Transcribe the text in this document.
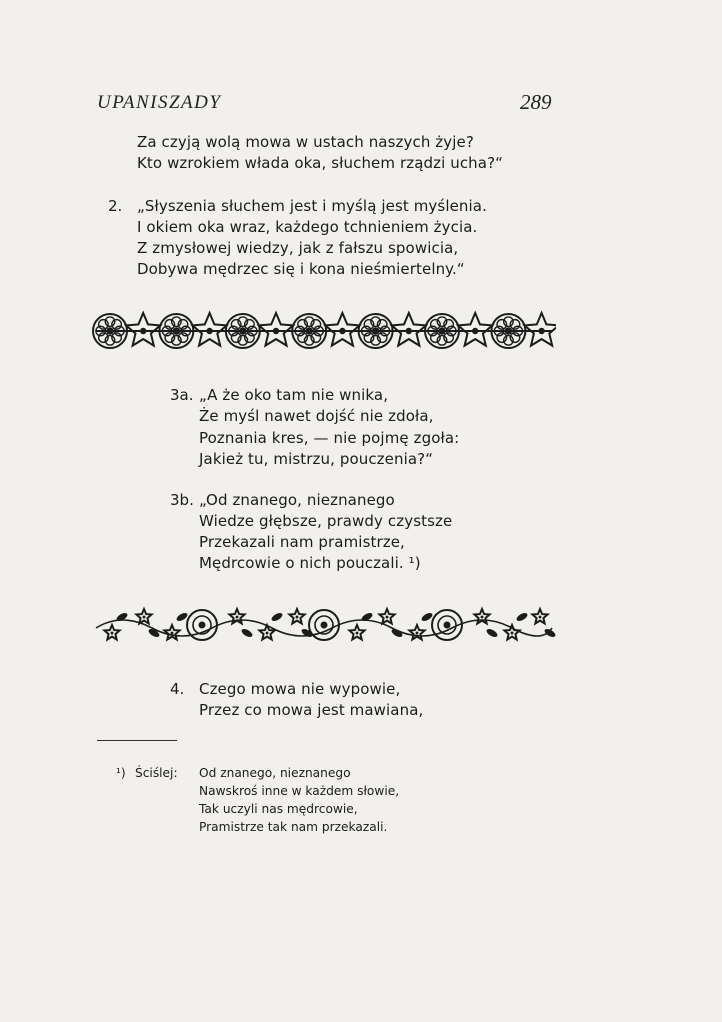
UPANISZADY	289
Za czyją wolą mowa w ustach naszych żyje?
Kto wzrokiem włada oka, słuchem rządzi ucha?“
2. „Słyszenia słuchem jest i myślą jest myślenia.
I okiem oka wraz, każdego tchnieniem życia.
Z zmysłowej wiedzy, jak z fałszu spowicia,
Dobywa mędrzec się i kona nieśmiertelny.“
3a. „A że oko tam nie wnika,
Że myśl nawet dojść nie zdoła,
Poznania kres, — nie pojmę zgoła:
Jakież tu, mistrzu, pouczenia?“
3b. „Od znanego, nieznanego
Wiedze głębsze, prawdy czystsze
Przekazali nam pramistrze,
Mędrcowie o nich pouczali. ¹)
4. Czego mowa nie wypowie,
Przez co mowa jest mawiana,
¹) Ściślej: Od znanego, nieznanego
Nawskroś inne w każdem słowie,
Tak uczyli nas mędrcowie,
Pramistrze tak nam przekazali.
